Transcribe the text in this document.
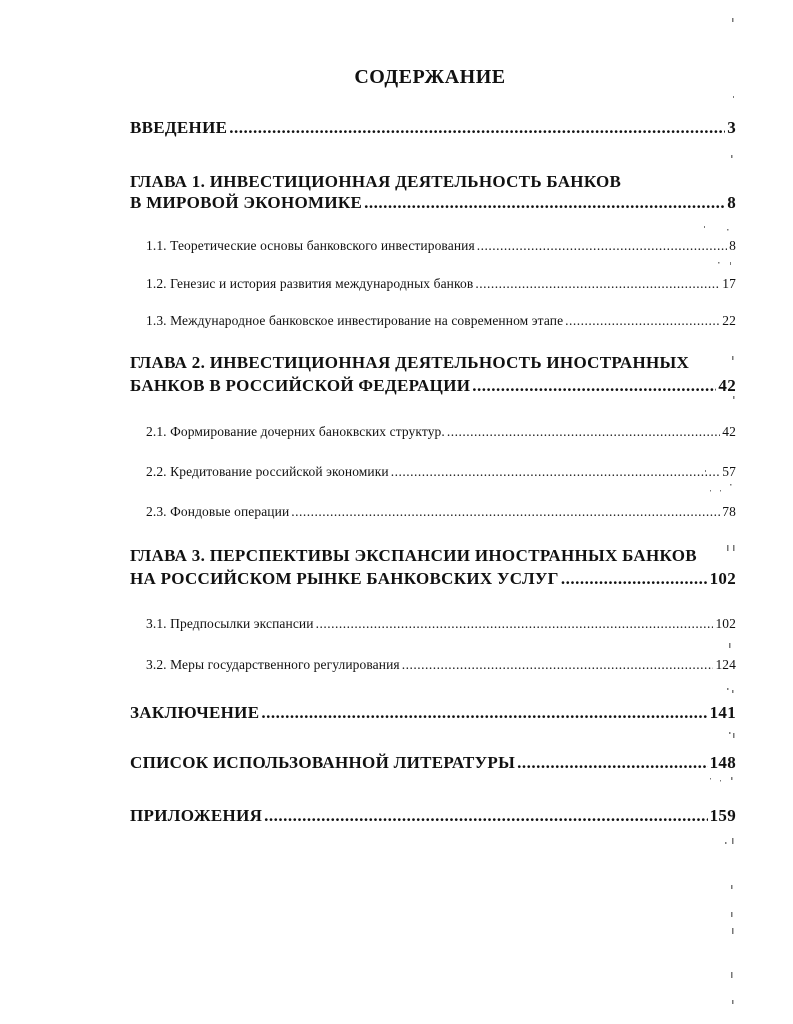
СОДЕРЖАНИЕ
ВВЕДЕНИЕ .....	3
ГЛАВА 1. ИНВЕСТИЦИОННАЯ ДЕЯТЕЛЬНОСТЬ БАНКОВ
В МИРОВОЙ ЭКОНОМИКЕ .....	8
1.1. Теоретические основы банковского инвестирования .....	8
1.2. Генезис и история развития международных банков .....	17
1.3. Международное банковское инвестирование на современном этапе .....	22
ГЛАВА 2. ИНВЕСТИЦИОННАЯ ДЕЯТЕЛЬНОСТЬ ИНОСТРАННЫХ
БАНКОВ В РОССИЙСКОЙ ФЕДЕРАЦИИ .....	42
2.1. Формирование дочерних баноквских структур. .....	42
2.2. Кредитование российской экономики .....	57
2.3. Фондовые операции .....	78
ГЛАВА 3. ПЕРСПЕКТИВЫ ЭКСПАНСИИ ИНОСТРАННЫХ БАНКОВ
НА РОССИЙСКОМ РЫНКЕ БАНКОВСКИХ УСЛУГ .....	102
3.1. Предпосылки экспансии .....	102
3.2. Меры государственного регулирования .....	124
ЗАКЛЮЧЕНИЕ .....	141
СПИСОК ИСПОЛЬЗОВАННОЙ ЛИТЕРАТУРЫ .....	148
ПРИЛОЖЕНИЯ .....	159
